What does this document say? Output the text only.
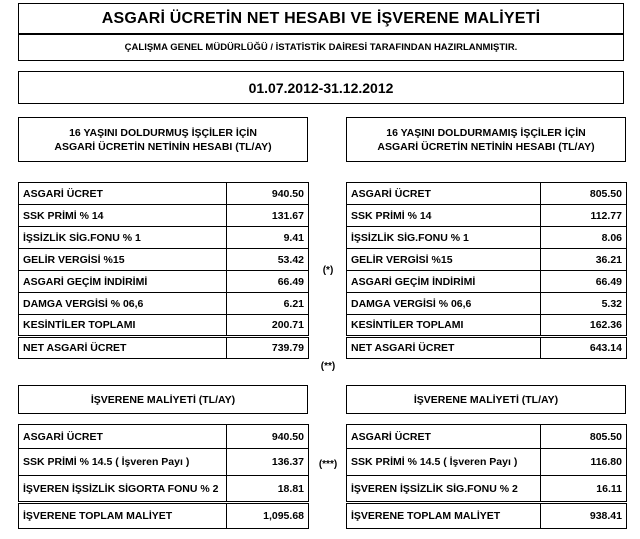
ASGARİ ÜCRETİN NET HESABI VE İŞVERENE MALİYETİ
ÇALIŞMA GENEL MÜDÜRLÜĞÜ / İSTATİSTİK DAİRESİ TARAFINDAN HAZIRLANMIŞTIR.
01.07.2012-31.12.2012
16 YAŞINI DOLDURMUŞ İŞÇİLER İÇİN
ASGARİ ÜCRETİN NETİNİN HESABI (TL/AY)
16 YAŞINI DOLDURMAMIŞ İŞÇİLER İÇİN
ASGARİ ÜCRETİN NETİNİN HESABI (TL/AY)
ASGARİ ÜCRET	940.50
SSK PRİMİ % 14	131.67
İŞSİZLİK SİG.FONU % 1	9.41
GELİR VERGİSİ %15	53.42
ASGARİ GEÇİM İNDİRİMİ	66.49
DAMGA VERGİSİ % 06,6	6.21
KESİNTİLER TOPLAMI	200.71
NET ASGARİ ÜCRET	739.79
ASGARİ ÜCRET	805.50
SSK PRİMİ % 14	112.77
İŞSİZLİK SİG.FONU % 1	8.06
GELİR VERGİSİ %15	36.21
ASGARİ GEÇİM İNDİRİMİ	66.49
DAMGA VERGİSİ % 06,6	5.32
KESİNTİLER TOPLAMI	162.36
NET ASGARİ ÜCRET	643.14
(*)
(**)
(***)
İŞVERENE MALİYETİ (TL/AY)	İŞVERENE MALİYETİ (TL/AY)
ASGARİ ÜCRET	940.50
SSK PRİMİ % 14.5 ( İşveren Payı )	136.37
İŞVEREN İŞSİZLİK SİGORTA FONU % 2	18.81
İŞVERENE TOPLAM MALİYET	1,095.68
ASGARİ ÜCRET	805.50
SSK PRİMİ % 14.5 ( İşveren Payı )	116.80
İŞVEREN İŞSİZLİK SİG.FONU % 2	16.11
İŞVERENE TOPLAM MALİYET	938.41
